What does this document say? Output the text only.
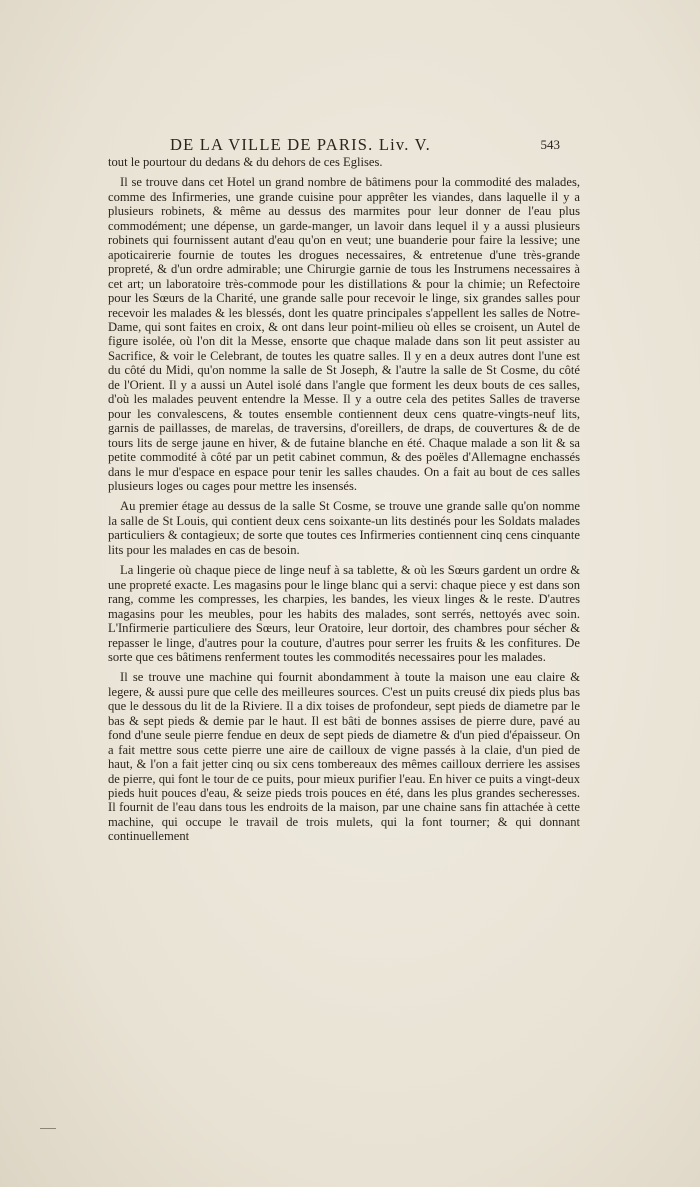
DE LA VILLE DE PARIS. Liv. V.	543

tout le pourtour du dedans & du dehors de ces Eglises.

Il se trouve dans cet Hotel un grand nombre de bâtimens pour la commodité des malades, comme des Infirmeries, une grande cuisine pour apprêter les viandes, dans laquelle il y a plusieurs robinets, & même au dessus des marmites pour leur donner de l'eau plus commodément; une dépense, un garde-manger, un lavoir dans lequel il y a aussi plusieurs robinets qui fournissent autant d'eau qu'on en veut; une buanderie pour faire la lessive; une apoticairerie fournie de toutes les drogues necessaires, & entretenue d'une très-grande propreté, & d'un ordre admirable; une Chirurgie garnie de tous les Instrumens necessaires à cet art; un laboratoire très-commode pour les distillations & pour la chimie; un Refectoire pour les Sœurs de la Charité, une grande salle pour recevoir le linge, six grandes salles pour recevoir les malades & les blessés, dont les quatre principales s'appellent les salles de Notre-Dame, qui sont faites en croix, & ont dans leur point-milieu où elles se croisent, un Autel de figure isolée, où l'on dit la Messe, ensorte que chaque malade dans son lit peut assister au Sacrifice, & voir le Celebrant, de toutes les quatre salles. Il y en a deux autres dont l'une est du côté du Midi, qu'on nomme la salle de St Joseph, & l'autre la salle de St Cosme, du côté de l'Orient. Il y a aussi un Autel isolé dans l'angle que forment les deux bouts de ces salles, d'où les malades peuvent entendre la Messe. Il y a outre cela des petites Salles de traverse pour les convalescens, & toutes ensemble contiennent deux cens quatre-vingts-neuf lits, garnis de paillasses, de marelas, de traversins, d'oreillers, de draps, de couvertures & de de tours lits de serge jaune en hiver, & de futaine blanche en été. Chaque malade a son lit & sa petite commodité à côté par un petit cabinet commun, & des poëles d'Allemagne enchassés dans le mur d'espace en espace pour tenir les salles chaudes. On a fait au bout de ces salles plusieurs loges ou cages pour mettre les insensés.

Au premier étage au dessus de la salle St Cosme, se trouve une grande salle qu'on nomme la salle de St Louis, qui contient deux cens soixante-un lits destinés pour les Soldats malades particuliers & contagieux; de sorte que toutes ces Infirmeries contiennent cinq cens cinquante lits pour les malades en cas de besoin.

La lingerie où chaque piece de linge neuf à sa tablette, & où les Sœurs gardent un ordre & une propreté exacte. Les magasins pour le linge blanc qui a servi: chaque piece y est dans son rang, comme les compresses, les charpies, les bandes, les vieux linges & le reste. D'autres magasins pour les meubles, pour les habits des malades, sont serrés, nettoyés avec soin. L'Infirmerie particuliere des Sœurs, leur Oratoire, leur dortoir, des chambres pour sécher & repasser le linge, d'autres pour la couture, d'autres pour serrer les fruits & les confitures. De sorte que ces bâtimens renferment toutes les commodités necessaires pour les malades.

Il se trouve une machine qui fournit abondamment à toute la maison une eau claire & legere, & aussi pure que celle des meilleures sources. C'est un puits creusé dix pieds plus bas que le dessous du lit de la Riviere. Il a dix toises de profondeur, sept pieds de diametre par le bas & sept pieds & demie par le haut. Il est bâti de bonnes assises de pierre dure, pavé au fond d'une seule pierre fendue en deux de sept pieds de diametre & d'un pied d'épaisseur. On a fait mettre sous cette pierre une aire de cailloux de vigne passés à la claie, d'un pied de haut, & l'on a fait jetter cinq ou six cens tombereaux des mêmes cailloux derriere les assises de pierre, qui font le tour de ce puits, pour mieux purifier l'eau. En hiver ce puits a vingt-deux pieds huit pouces d'eau, & seize pieds trois pouces en été, dans les plus grandes secheresses. Il fournit de l'eau dans tous les endroits de la maison, par une chaine sans fin attachée à cette machine, qui occupe le travail de trois mulets, qui la font tourner; & qui donnant continuellement
